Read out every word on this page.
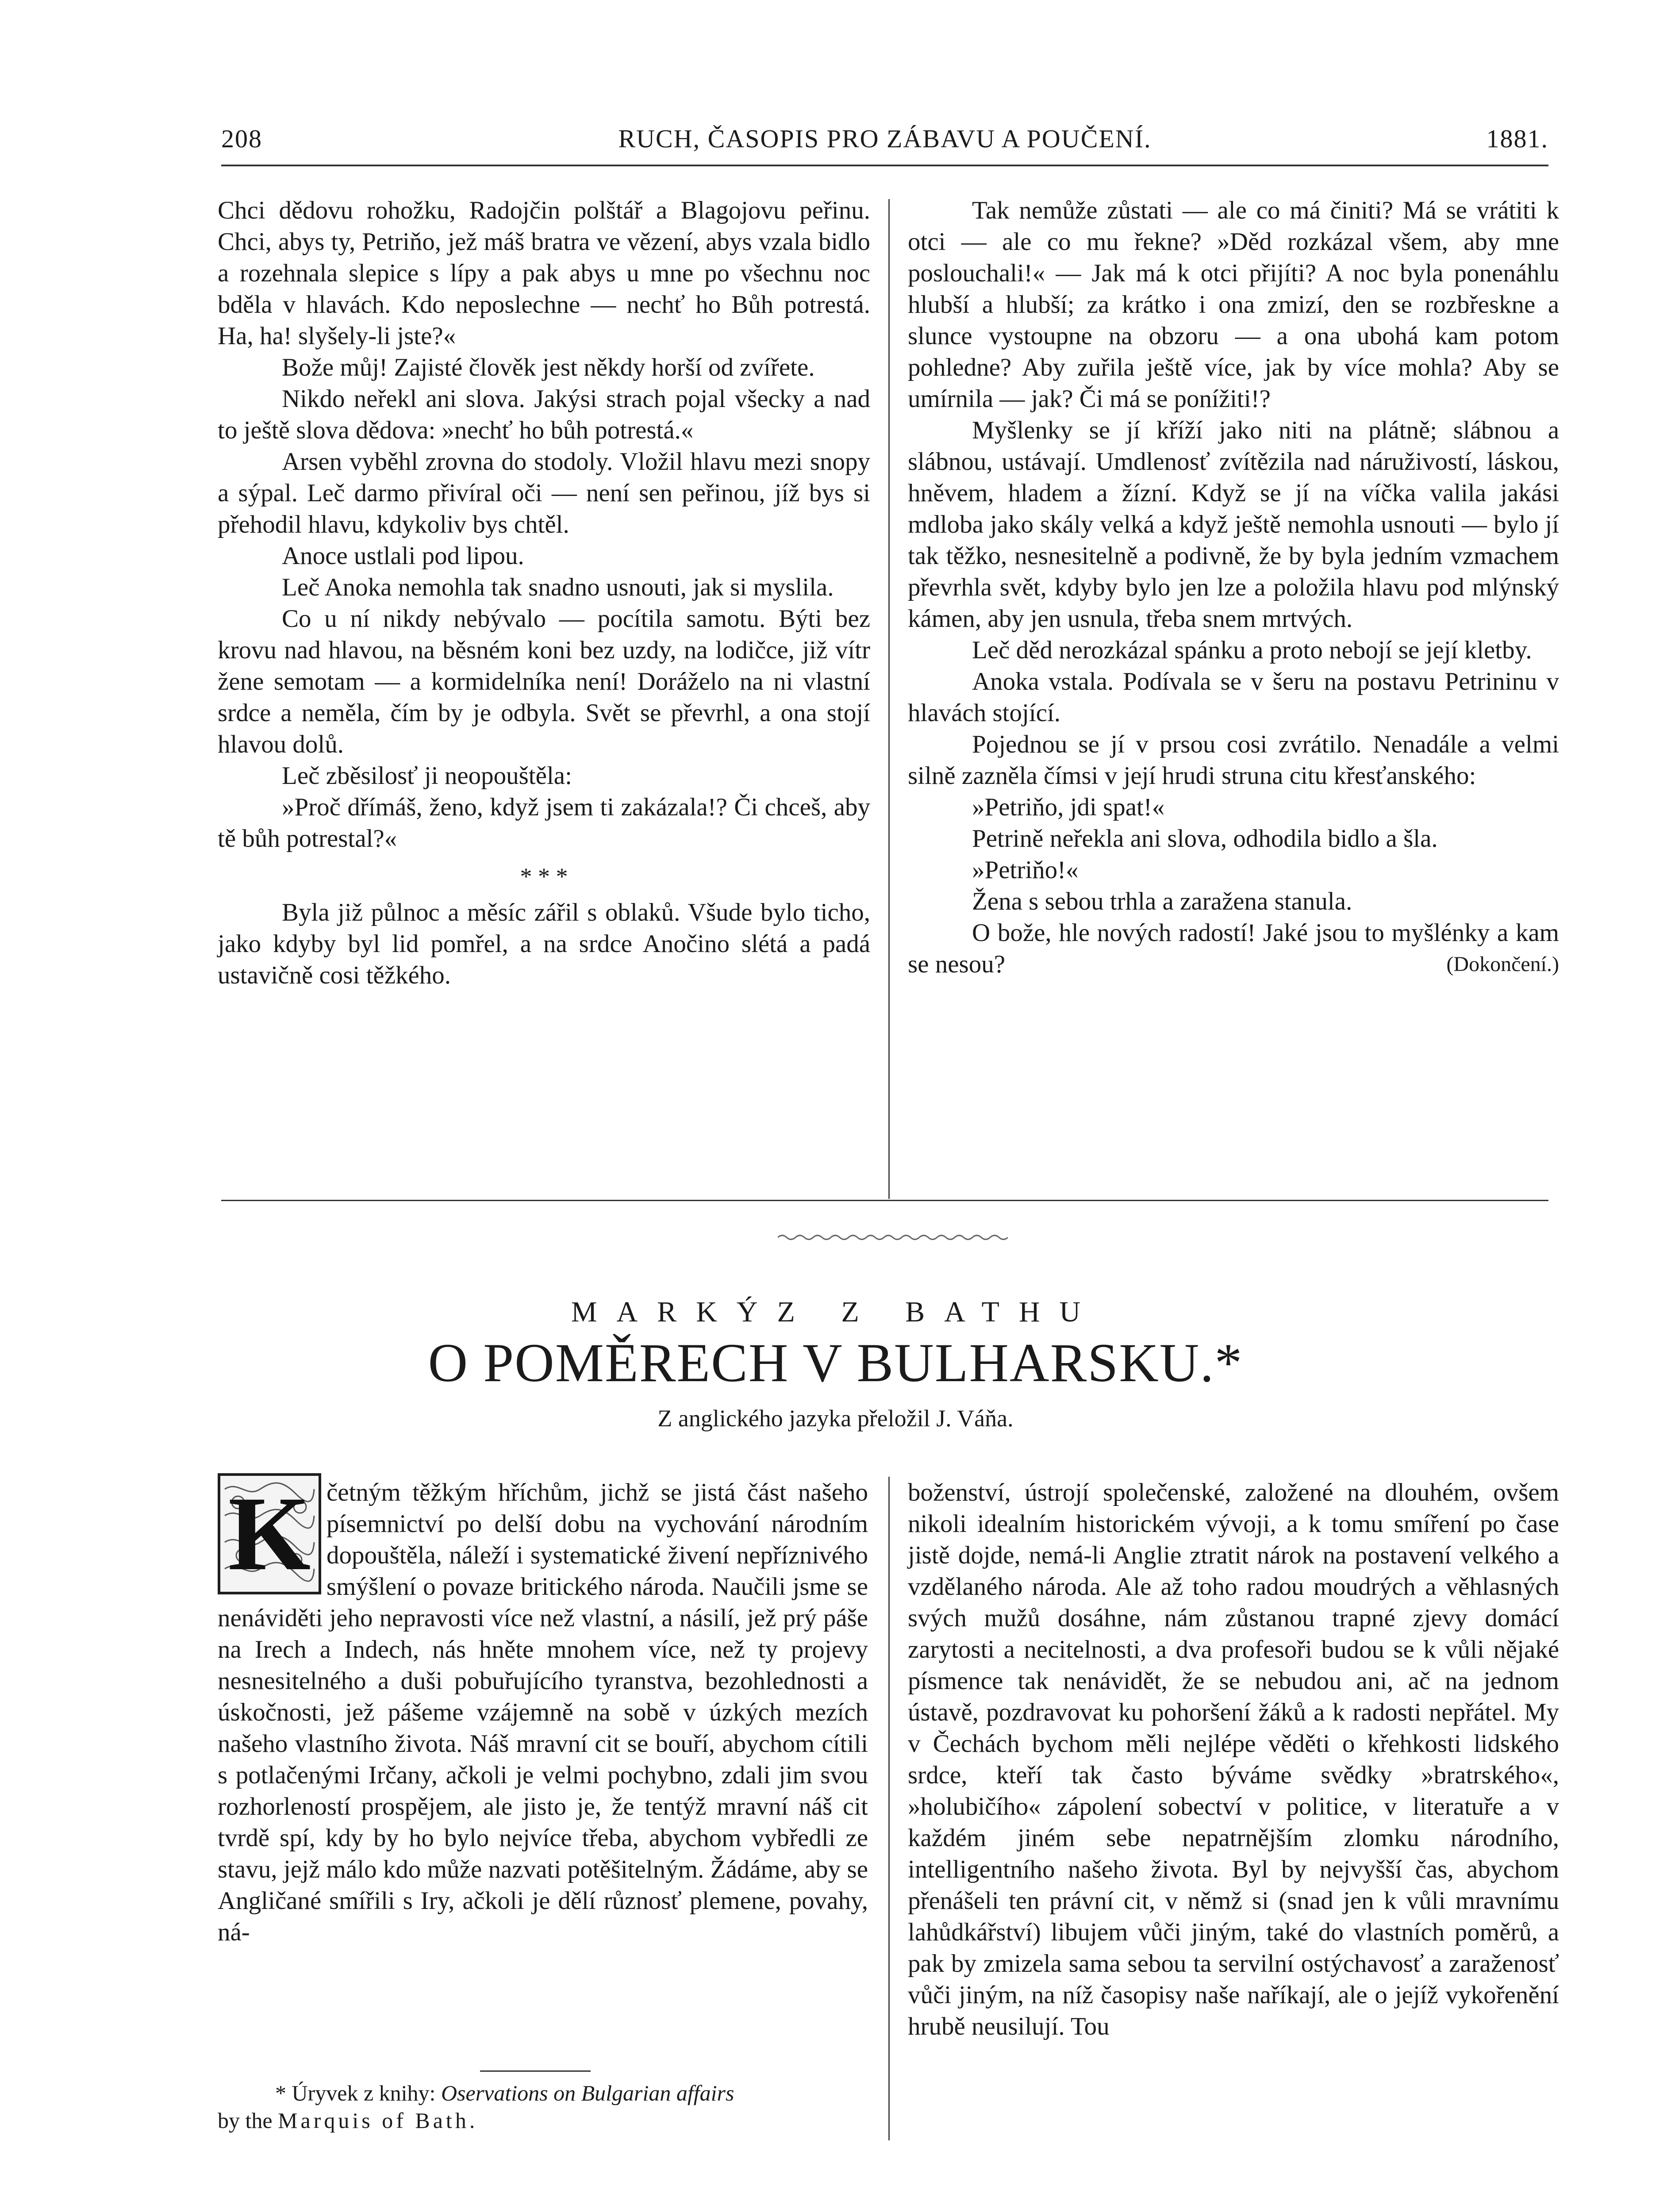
208	RUCH, ČASOPIS PRO ZÁBAVU A POUČENÍ.	1881.

Chci dědovu rohožku, Radojčin polštář a Blagojovu peřinu. Chci, abys ty, Petriňo, jež máš bratra ve vězení, abys vzala bidlo a rozehnala slepice s lípy a pak abys u mne po všechnu noc bděla v hlavách. Kdo neposlechne — nechť ho Bůh potrestá. Ha, ha! slyšely-li jste?«

Bože můj! Zajisté člověk jest někdy horší od zvířete.

Nikdo neřekl ani slova. Jakýsi strach pojal všecky a nad to ještě slova dědova: »nechť ho bůh potrestá.«

Arsen vyběhl zrovna do stodoly. Vložil hlavu mezi snopy a sýpal. Leč darmo přivíral oči — není sen peřinou, jíž bys si přehodil hlavu, kdykoliv bys chtěl.

Anoce ustlali pod lipou.

Leč Anoka nemohla tak snadno usnouti, jak si myslila.

Co u ní nikdy nebývalo — pocítila samotu. Býti bez krovu nad hlavou, na běsném koni bez uzdy, na lodičce, již vítr žene semotam — a kormidelníka není! Doráželo na ni vlastní srdce a neměla, čím by je odbyla. Svět se převrhl, a ona stojí hlavou dolů.

Leč zběsilosť ji neopouštěla:

»Proč dřímáš, ženo, když jsem ti zakázala!? Či chceš, aby tě bůh potrestal?«

* * *

Byla již půlnoc a měsíc zářil s oblaků. Všude bylo ticho, jako kdyby byl lid pomřel, a na srdce Anočino slétá a padá ustavičně cosi těžkého.

Tak nemůže zůstati — ale co má činiti? Má se vrátiti k otci — ale co mu řekne? »Děd rozkázal všem, aby mne poslouchali!« — Jak má k otci přijíti? A noc byla ponenáhlu hlubší a hlubší; za krátko i ona zmizí, den se rozbřeskne a slunce vystoupne na obzoru — a ona ubohá kam potom pohledne? Aby zuřila ještě více, jak by více mohla? Aby se umírnila — jak? Či má se ponížiti!?

Myšlenky se jí kříží jako niti na plátně; slábnou a slábnou, ustávají. Umdlenosť zvítězila nad náruživostí, láskou, hněvem, hladem a žízní. Když se jí na víčka valila jakási mdloba jako skály velká a když ještě nemohla usnouti — bylo jí tak těžko, nesnesitelně a podivně, že by byla jedním vzmachem převrhla svět, kdyby bylo jen lze a položila hlavu pod mlýnský kámen, aby jen usnula, třeba snem mrtvých.

Leč děd nerozkázal spánku a proto nebojí se její kletby.

Anoka vstala. Podívala se v šeru na postavu Petrininu v hlavách stojící.

Pojednou se jí v prsou cosi zvrátilo. Nenadále a velmi silně zazněla čímsi v její hrudi struna citu křesťanského:

»Petriňo, jdi spat!«

Petrině neřekla ani slova, odhodila bidlo a šla.

»Petriňo!«

Žena s sebou trhla a zaražena stanula.

O bože, hle nových radostí! Jaké jsou to myšlénky a kam se nesou?	(Dokončení.)

MARKÝZ Z BATHU
O POMĚRECH V BULHARSKU.*
Z anglického jazyka přeložil J. Váňa.
K četným těžkým hříchům, jichž se jistá část našeho písemnictví po delší dobu na vychování národním dopouštěla, náleží i systematické živení nepříznivého smýšlení o povaze britického národa. Naučili jsme se nenáviděti jeho nepravosti více než vlastní, a násilí, jež prý páše na Irech a Indech, nás hněte mnohem více, než ty projevy nesnesitelného a duši pobuřujícího tyranstva, bezohlednosti a úskočnosti, jež pášeme vzájemně na sobě v úzkých mezích našeho vlastního života. Náš mravní cit se bouří, abychom cítili s potlačenými Irčany, ačkoli je velmi pochybno, zdali jim svou rozhorleností prospějem, ale jisto je, že tentýž mravní náš cit tvrdě spí, kdy by ho bylo nejvíce třeba, abychom vybředli ze stavu, jejž málo kdo může nazvati potěšitelným. Žádáme, aby se Angličané smířili s Iry, ačkoli je dělí různosť plemene, povahy, ná-

boženství, ústrojí společenské, založené na dlouhém, ovšem nikoli idealním historickém vývoji, a k tomu smíření po čase jistě dojde, nemá-li Anglie ztratit nárok na postavení velkého a vzdělaného národa. Ale až toho radou moudrých a věhlasných svých mužů dosáhne, nám zůstanou trapné zjevy domácí zarytosti a necitelnosti, a dva profesoři budou se k vůli nějaké písmence tak nenávidět, že se nebudou ani, ač na jednom ústavě, pozdravovat ku pohoršení žáků a k radosti nepřátel. My v Čechách bychom měli nejlépe věděti o křehkosti lidského srdce, kteří tak často býváme svědky »bratrského«, »holubičího« zápolení sobectví v politice, v literatuře a v každém jiném sebe nepatrnějším zlomku národního, intelligentního našeho života. Byl by nejvyšší čas, abychom přenášeli ten právní cit, v němž si (snad jen k vůli mravnímu lahůdkářství) libujem vůči jiným, také do vlastních poměrů, a pak by zmizela sama sebou ta servilní ostýchavosť a zaraženosť vůči jiným, na níž časopisy naše naříkají, ale o jejíž vykořenění hrubě neusilují. Tou

* Úryvek z knihy: Oservations on Bulgarian affairs
by the Marquis of Bath.
